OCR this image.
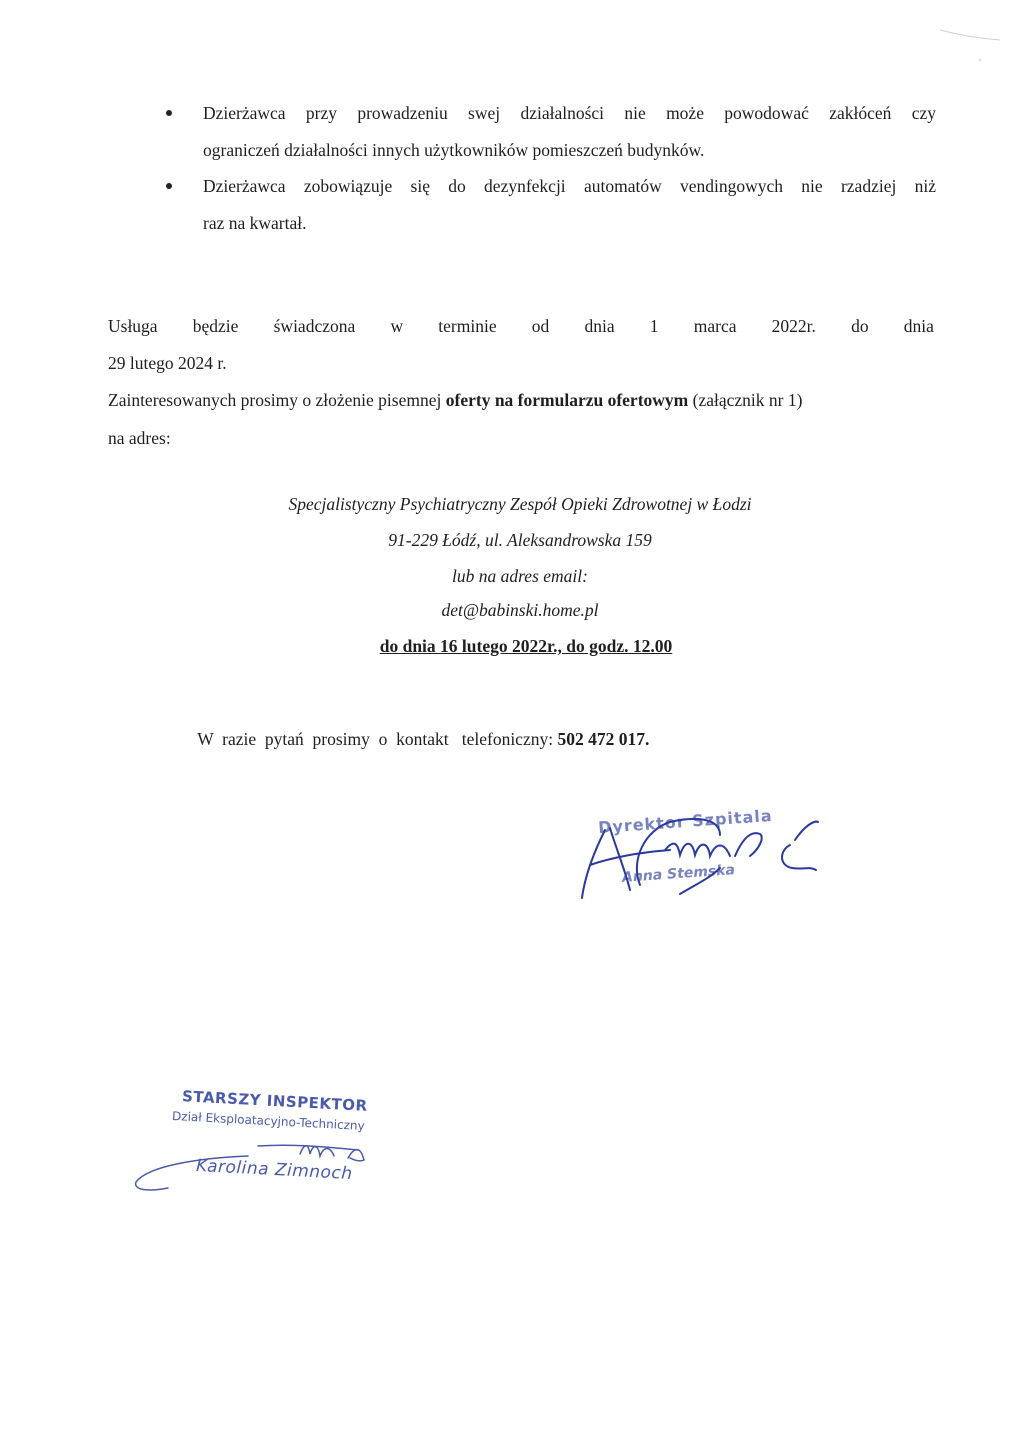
Dzierżawca przy prowadzeniu swej działalności nie może powodować zakłóceń czy
ograniczeń działalności innych użytkowników pomieszczeń budynków.
Dzierżawca zobowiązuje się do dezynfekcji automatów vendingowych nie rzadziej niż
raz na kwartał.
Usługa będzie świadczona w terminie od dnia 1 marca 2022r. do dnia
29 lutego 2024 r.
Zainteresowanych prosimy o złożenie pisemnej oferty na formularzu ofertowym (załącznik nr 1)
na adres:
Specjalistyczny Psychiatryczny Zespół Opieki Zdrowotnej w Łodzi
91-229 Łódź, ul. Aleksandrowska 159
lub na adres email:
det@babinski.home.pl
do dnia 16 lutego 2022r., do godz. 12.00

W  razie  pytań  prosimy  o  kontakt   telefoniczny: 502 472 017.

Dyrektor Szpitala
Anna Stemska
STARSZY INSPEKTOR
Dział Eksploatacyjno-Techniczny
Karolina Zimnoch
